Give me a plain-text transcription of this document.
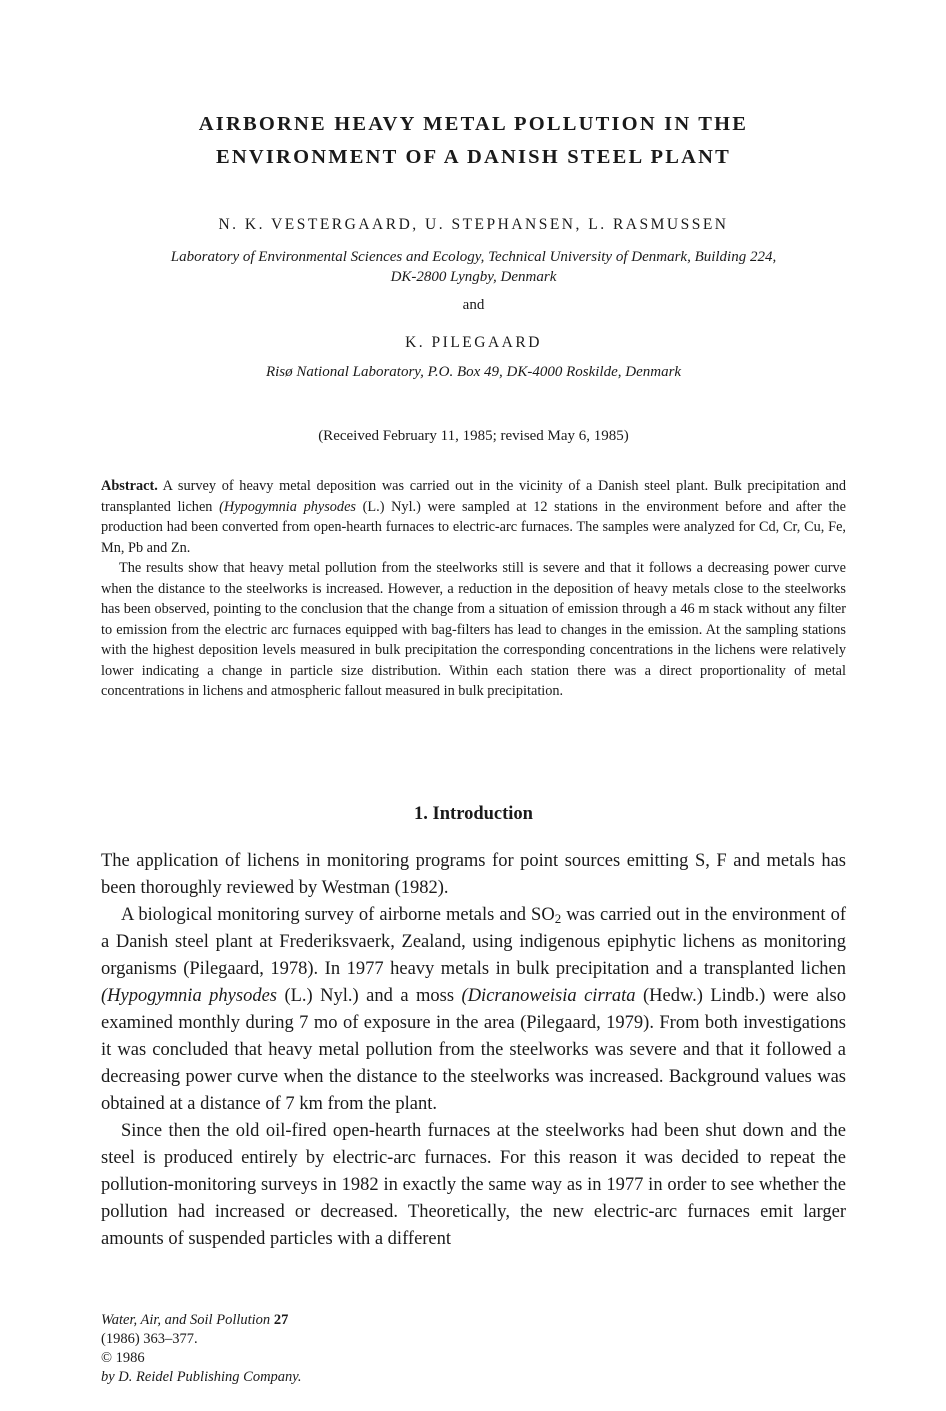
AIRBORNE HEAVY METAL POLLUTION IN THE
ENVIRONMENT OF A DANISH STEEL PLANT

N. K. VESTERGAARD, U. STEPHANSEN, L. RASMUSSEN

Laboratory of Environmental Sciences and Ecology, Technical University of Denmark, Building 224,
DK-2800 Lyngby, Denmark

and

K. PILEGAARD

Risø National Laboratory, P.O. Box 49, DK-4000 Roskilde, Denmark

(Received February 11, 1985; revised May 6, 1985)

Abstract. A survey of heavy metal deposition was carried out in the vicinity of a Danish steel plant. Bulk precipitation and transplanted lichen (Hypogymnia physodes (L.) Nyl.) were sampled at 12 stations in the environment before and after the production had been converted from open-hearth furnaces to electric-arc furnaces. The samples were analyzed for Cd, Cr, Cu, Fe, Mn, Pb and Zn.

The results show that heavy metal pollution from the steelworks still is severe and that it follows a decreasing power curve when the distance to the steelworks is increased. However, a reduction in the deposition of heavy metals close to the steelworks has been observed, pointing to the conclusion that the change from a situation of emission through a 46 m stack without any filter to emission from the electric arc furnaces equipped with bag-filters has lead to changes in the emission. At the sampling stations with the highest deposition levels measured in bulk precipitation the corresponding concentrations in the lichens were relatively lower indicating a change in particle size distribution. Within each station there was a direct proportionality of metal concentrations in lichens and atmospheric fallout measured in bulk precipitation.

1. Introduction

The application of lichens in monitoring programs for point sources emitting S, F and metals has been thoroughly reviewed by Westman (1982).

A biological monitoring survey of airborne metals and $SO_2$ was carried out in the environment of a Danish steel plant at Frederiksvaerk, Zealand, using indigenous epiphytic lichens as monitoring organisms (Pilegaard, 1978). In 1977 heavy metals in bulk precipitation and a transplanted lichen (Hypogymnia physodes (L.) Nyl.) and a moss (Dicranoweisia cirrata (Hedw.) Lindb.) were also examined monthly during 7 mo of exposure in the area (Pilegaard, 1979). From both investigations it was concluded that heavy metal pollution from the steelworks was severe and that it followed a decreasing power curve when the distance to the steelworks was increased. Background values was obtained at a distance of 7 km from the plant.

Since then the old oil-fired open-hearth furnaces at the steelworks had been shut down and the steel is produced entirely by electric-arc furnaces. For this reason it was decided to repeat the pollution-monitoring surveys in 1982 in exactly the same way as in 1977 in order to see whether the pollution had increased or decreased. Theoretically, the new electric-arc furnaces emit larger amounts of suspended particles with a different

Water, Air, and Soil Pollution 27
(1986) 363–377.
© 1986
by D. Reidel Publishing Company.
